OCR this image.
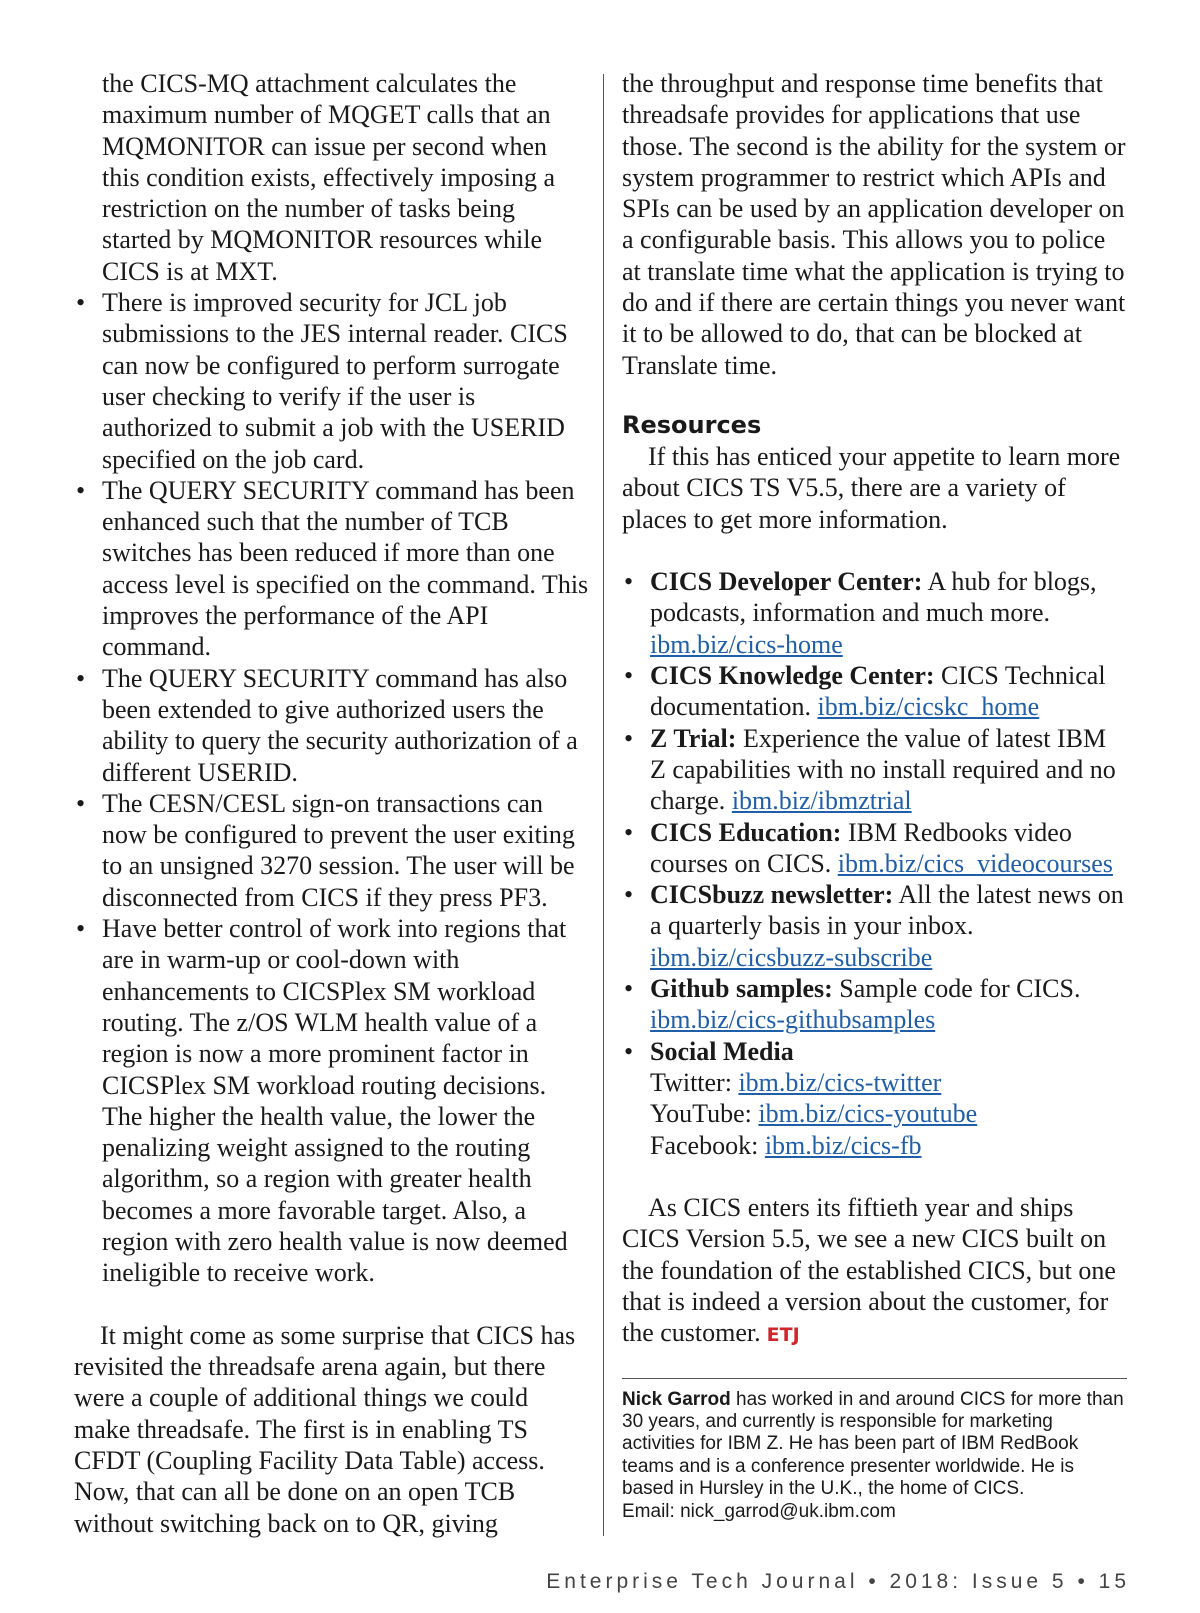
the CICS-MQ attachment calculates the maximum number of MQGET calls that an MQMONITOR can issue per second when this condition exists, effectively imposing a restriction on the number of tasks being started by MQMONITOR resources while CICS is at MXT.

• There is improved security for JCL job submissions to the JES internal reader. CICS can now be configured to perform surrogate user checking to verify if the user is authorized to submit a job with the USERID specified on the job card.
• The QUERY SECURITY command has been enhanced such that the number of TCB switches has been reduced if more than one access level is specified on the command. This improves the performance of the API command.
• The QUERY SECURITY command has also been extended to give authorized users the ability to query the security authorization of a different USERID.
• The CESN/CESL sign-on transactions can now be configured to prevent the user exiting to an unsigned 3270 session. The user will be disconnected from CICS if they press PF3.
• Have better control of work into regions that are in warm-up or cool-down with enhancements to CICSPlex SM workload routing. The z/OS WLM health value of a region is now a more prominent factor in CICSPlex SM workload routing decisions. The higher the health value, the lower the penalizing weight assigned to the routing algorithm, so a region with greater health becomes a more favorable target. Also, a region with zero health value is now deemed ineligible to receive work.

It might come as some surprise that CICS has revisited the threadsafe arena again, but there were a couple of additional things we could make threadsafe. The first is in enabling TS CFDT (Coupling Facility Data Table) access. Now, that can all be done on an open TCB without switching back on to QR, giving

the throughput and response time benefits that threadsafe provides for applications that use those. The second is the ability for the system or system programmer to restrict which APIs and SPIs can be used by an application developer on a configurable basis. This allows you to police at translate time what the application is trying to do and if there are certain things you never want it to be allowed to do, that can be blocked at Translate time.

Resources

If this has enticed your appetite to learn more about CICS TS V5.5, there are a variety of places to get more information.

• CICS Developer Center: A hub for blogs, podcasts, information and much more. ibm.biz/cics-home
• CICS Knowledge Center: CICS Technical documentation. ibm.biz/cicskc_home
• Z Trial: Experience the value of latest IBM Z capabilities with no install required and no charge. ibm.biz/ibmztrial
• CICS Education: IBM Redbooks video courses on CICS. ibm.biz/cics_videocourses
• CICSbuzz newsletter: All the latest news on a quarterly basis in your inbox. ibm.biz/cicsbuzz-subscribe
• Github samples: Sample code for CICS. ibm.biz/cics-githubsamples
• Social Media
Twitter: ibm.biz/cics-twitter
YouTube: ibm.biz/cics-youtube
Facebook: ibm.biz/cics-fb

As CICS enters its fiftieth year and ships CICS Version 5.5, we see a new CICS built on the foundation of the established CICS, but one that is indeed a version about the customer, for the customer. ETJ

Nick Garrod has worked in and around CICS for more than 30 years, and currently is responsible for marketing activities for IBM Z. He has been part of IBM RedBook teams and is a conference presenter worldwide. He is based in Hursley in the U.K., the home of CICS.
Email: nick_garrod@uk.ibm.com
Enterprise Tech Journal • 2018: Issue 5 • 15
